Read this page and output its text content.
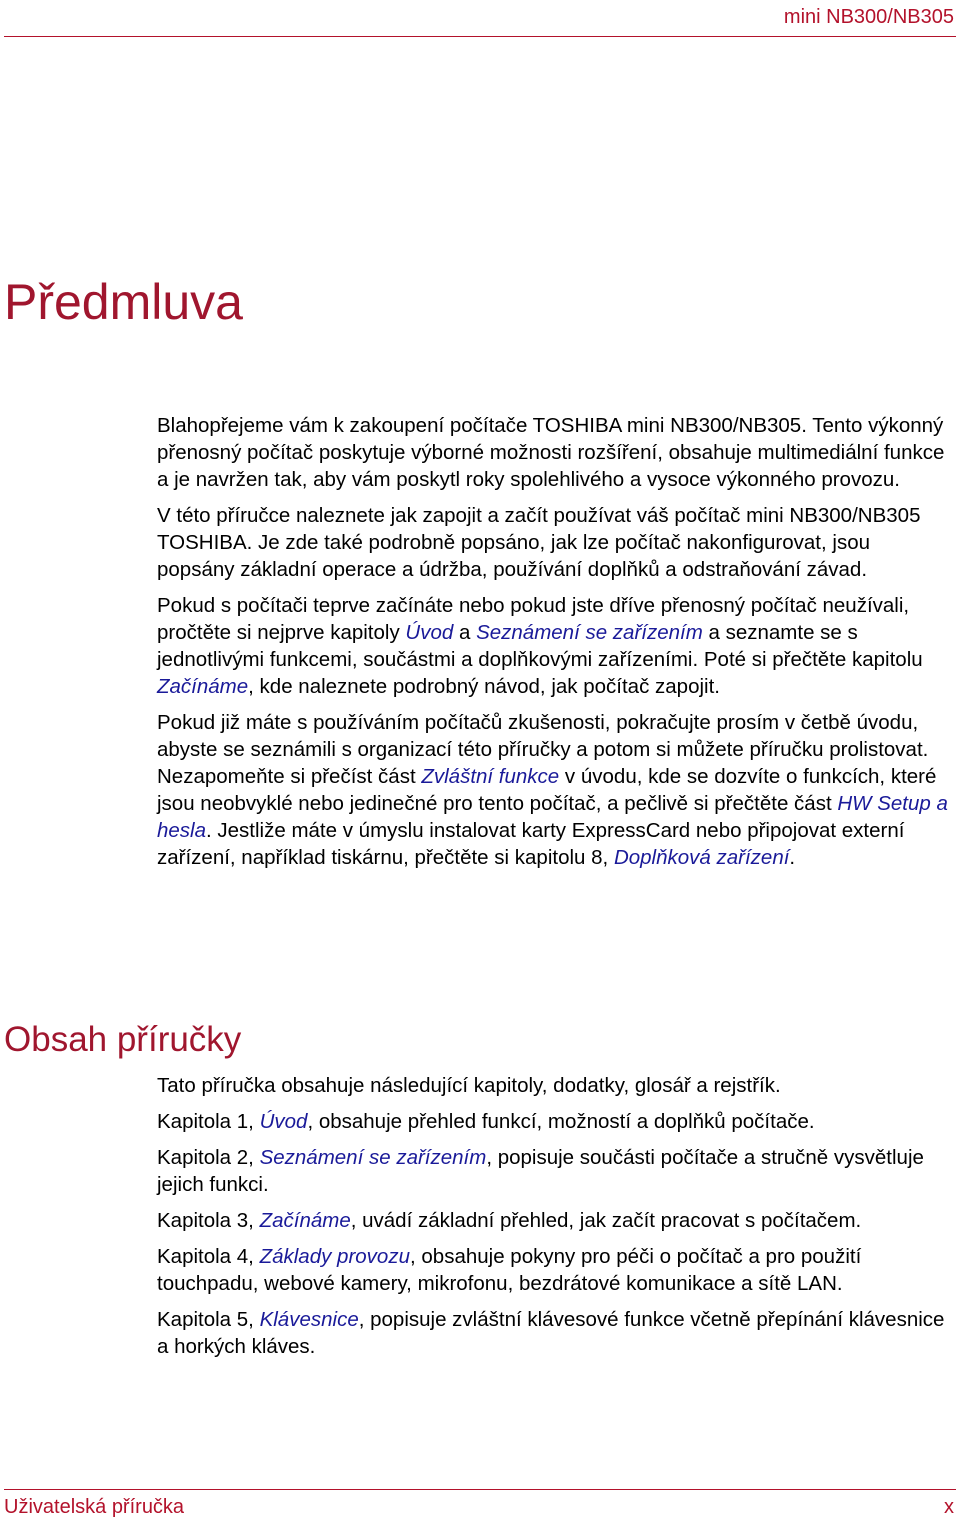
mini NB300/NB305
Předmluva

Blahopřejeme vám k zakoupení počítače TOSHIBA mini NB300/NB305. Tento výkonný přenosný počítač poskytuje výborné možnosti rozšíření, obsahuje multimediální funkce a je navržen tak, aby vám poskytl roky spolehlivého a vysoce výkonného provozu.

V této příručce naleznete jak zapojit a začít používat váš počítač mini NB300/NB305 TOSHIBA. Je zde také podrobně popsáno, jak lze počítač nakonfigurovat, jsou popsány základní operace a údržba, používání doplňků a odstraňování závad.

Pokud s počítači teprve začínáte nebo pokud jste dříve přenosný počítač neužívali, pročtěte si nejprve kapitoly Úvod a Seznámení se zařízením a seznamte se s jednotlivými funkcemi, součástmi a doplňkovými zařízeními. Poté si přečtěte kapitolu Začínáme, kde naleznete podrobný návod, jak počítač zapojit.

Pokud již máte s používáním počítačů zkušenosti, pokračujte prosím v četbě úvodu, abyste se seznámili s organizací této příručky a potom si můžete příručku prolistovat. Nezapomeňte si přečíst část Zvláštní funkce v úvodu, kde se dozvíte o funkcích, které jsou neobvyklé nebo jedinečné pro tento počítač, a pečlivě si přečtěte část HW Setup a hesla. Jestliže máte v úmyslu instalovat karty ExpressCard nebo připojovat externí zařízení, například tiskárnu, přečtěte si kapitolu 8, Doplňková zařízení.

Obsah příručky

Tato příručka obsahuje následující kapitoly, dodatky, glosář a rejstřík.

Kapitola 1, Úvod, obsahuje přehled funkcí, možností a doplňků počítače.

Kapitola 2, Seznámení se zařízením, popisuje součásti počítače a stručně vysvětluje jejich funkci.

Kapitola 3, Začínáme, uvádí základní přehled, jak začít pracovat s počítačem.

Kapitola 4, Základy provozu, obsahuje pokyny pro péči o počítač a pro použití touchpadu, webové kamery, mikrofonu, bezdrátové komunikace a sítě LAN.

Kapitola 5, Klávesnice, popisuje zvláštní klávesové funkce včetně přepínání klávesnice a horkých kláves.

Uživatelská příručka	x
